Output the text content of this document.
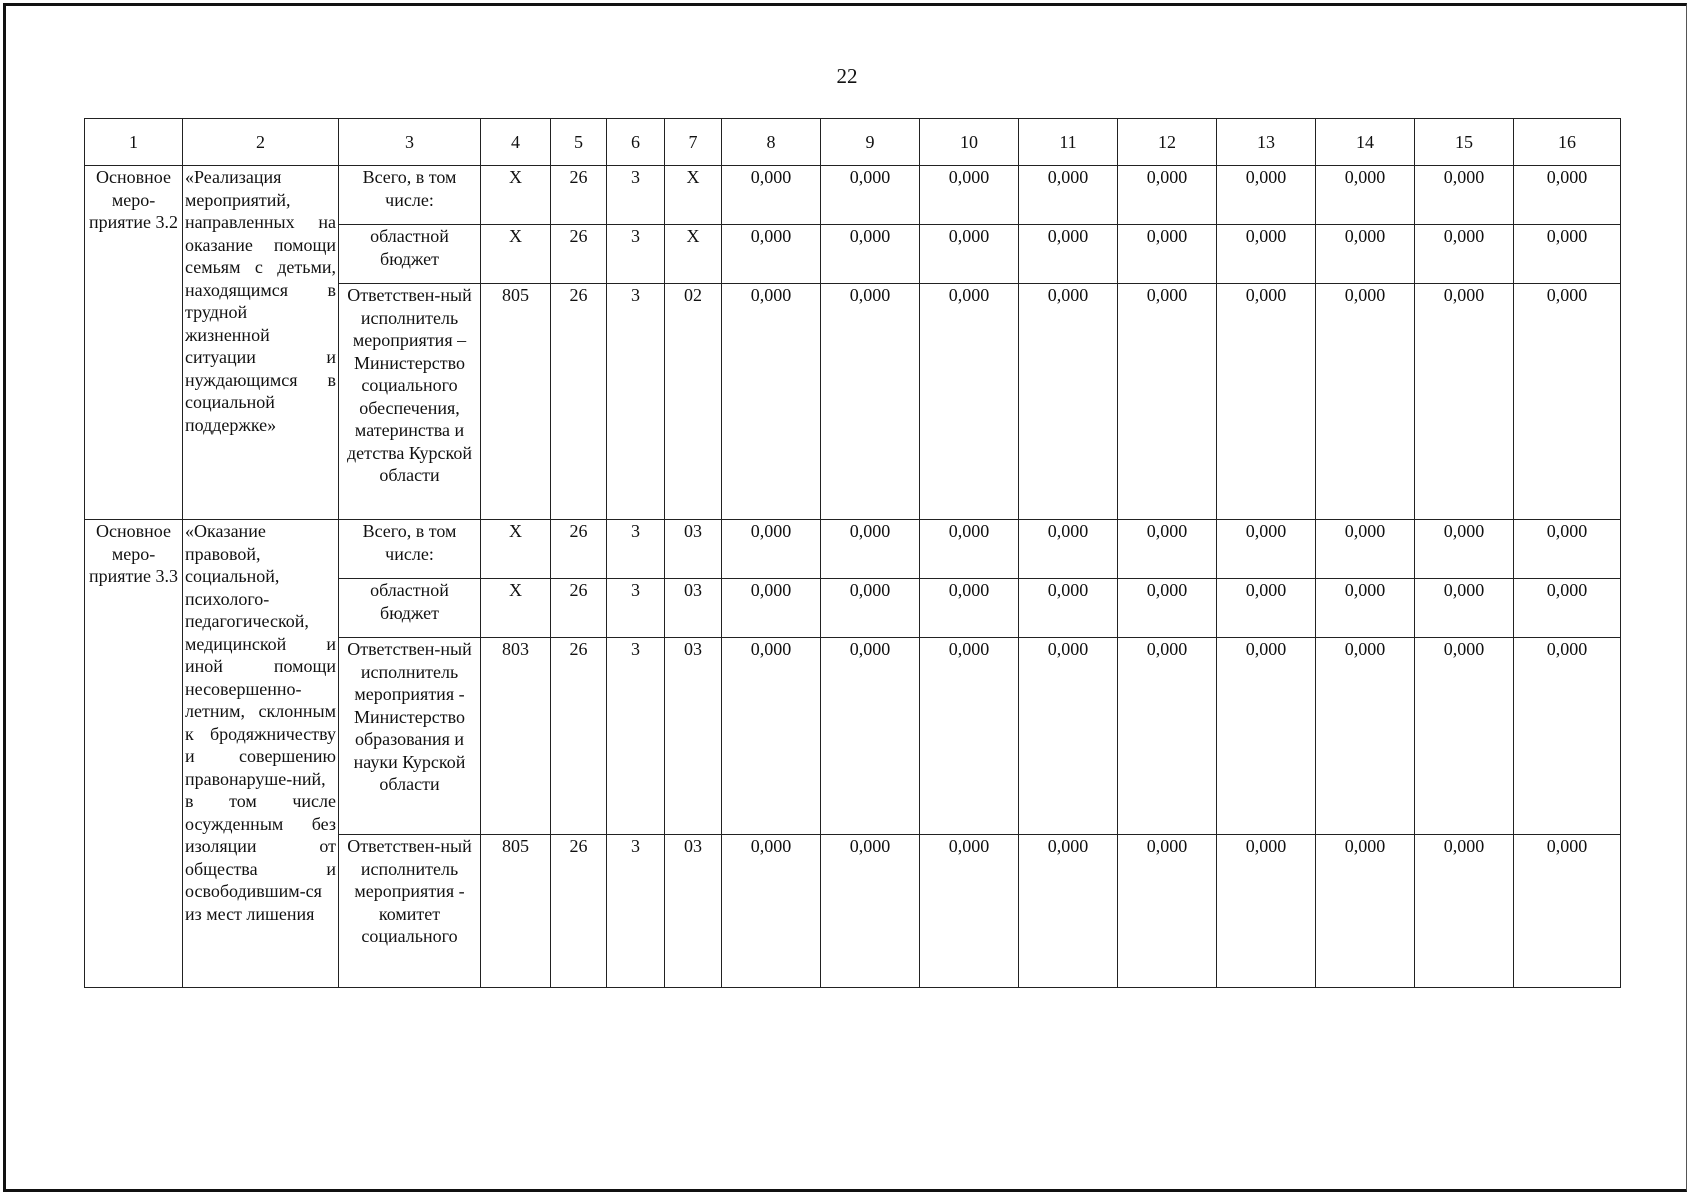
22
1	2	3	4	5	6	7	8	9	10	11	12	13	14	15	16
Основное меро-приятие 3.2	«Реализация мероприятий, направленных на оказание помощи семьям с детьми, находящимся в трудной жизненной ситуации и нуждающимся в социальной поддержке»	Всего, в том числе:	X	26	3	X	0,000	0,000	0,000	0,000	0,000	0,000	0,000	0,000	0,000
		областной бюджет	X	26	3	X	0,000	0,000	0,000	0,000	0,000	0,000	0,000	0,000	0,000
		Ответствен-ный исполнитель мероприятия – Министерство социального обеспечения, материнства и детства Курской области	805	26	3	02	0,000	0,000	0,000	0,000	0,000	0,000	0,000	0,000	0,000
Основное меро-приятие 3.3	«Оказание правовой, социальной, психолого-педагогической, медицинской и иной помощи несовершенно-летним, склонным к бродяжничеству и совершению правонаруше-ний, в том числе осужденным без изоляции от общества и освободившим-ся из мест лишения	Всего, в том числе:	X	26	3	03	0,000	0,000	0,000	0,000	0,000	0,000	0,000	0,000	0,000
		областной бюджет	X	26	3	03	0,000	0,000	0,000	0,000	0,000	0,000	0,000	0,000	0,000
		Ответствен-ный исполнитель мероприятия - Министерство образования и науки Курской области	803	26	3	03	0,000	0,000	0,000	0,000	0,000	0,000	0,000	0,000	0,000
		Ответствен-ный исполнитель мероприятия - комитет социального	805	26	3	03	0,000	0,000	0,000	0,000	0,000	0,000	0,000	0,000	0,000
